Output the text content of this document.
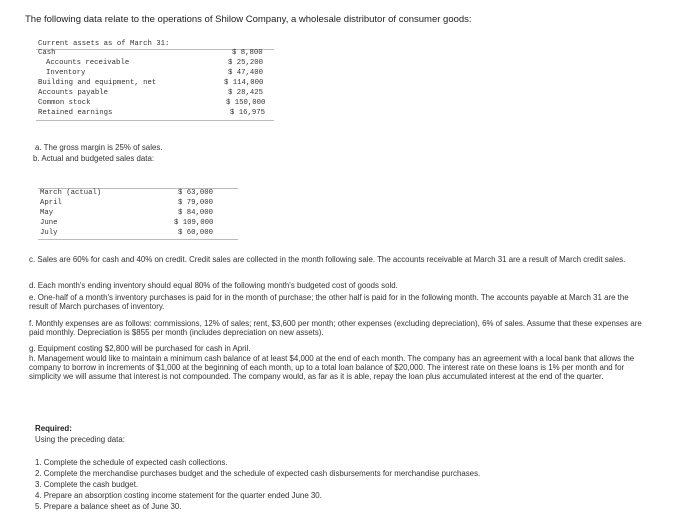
The following data relate to the operations of Shilow Company, a wholesale distributor of consumer goods:
Current assets as of March 31:
Cash	$ 8,800
Accounts receivable	$ 25,200
Inventory	$ 47,400
Building and equipment, net	$ 114,000
Accounts payable	$ 28,425
Common stock	$ 150,000
Retained earnings	$ 16,975
a. The gross margin is 25% of sales.
b. Actual and budgeted sales data:
March (actual)	$ 63,000
April	$ 79,000
May	$ 84,000
June	$ 109,000
July	$ 60,000
c. Sales are 60% for cash and 40% on credit. Credit sales are collected in the month following sale. The accounts receivable at March 31 are a result of March credit sales.
d. Each month's ending inventory should equal 80% of the following month's budgeted cost of goods sold.
e. One-half of a month's inventory purchases is paid for in the month of purchase; the other half is paid for in the following month. The accounts payable at March 31 are the result of March purchases of inventory.
f. Monthly expenses are as follows: commissions, 12% of sales; rent, $3,600 per month; other expenses (excluding depreciation), 6% of sales. Assume that these expenses are paid monthly. Depreciation is $855 per month (includes depreciation on new assets).
g. Equipment costing $2,800 will be purchased for cash in April.
h. Management would like to maintain a minimum cash balance of at least $4,000 at the end of each month. The company has an agreement with a local bank that allows the company to borrow in increments of $1,000 at the beginning of each month, up to a total loan balance of $20,000. The interest rate on these loans is 1% per month and for simplicity we will assume that interest is not compounded. The company would, as far as it is able, repay the loan plus accumulated interest at the end of the quarter.
Required:
Using the preceding data:
1. Complete the schedule of expected cash collections.
2. Complete the merchandise purchases budget and the schedule of expected cash disbursements for merchandise purchases.
3. Complete the cash budget.
4. Prepare an absorption costing income statement for the quarter ended June 30.
5. Prepare a balance sheet as of June 30.
